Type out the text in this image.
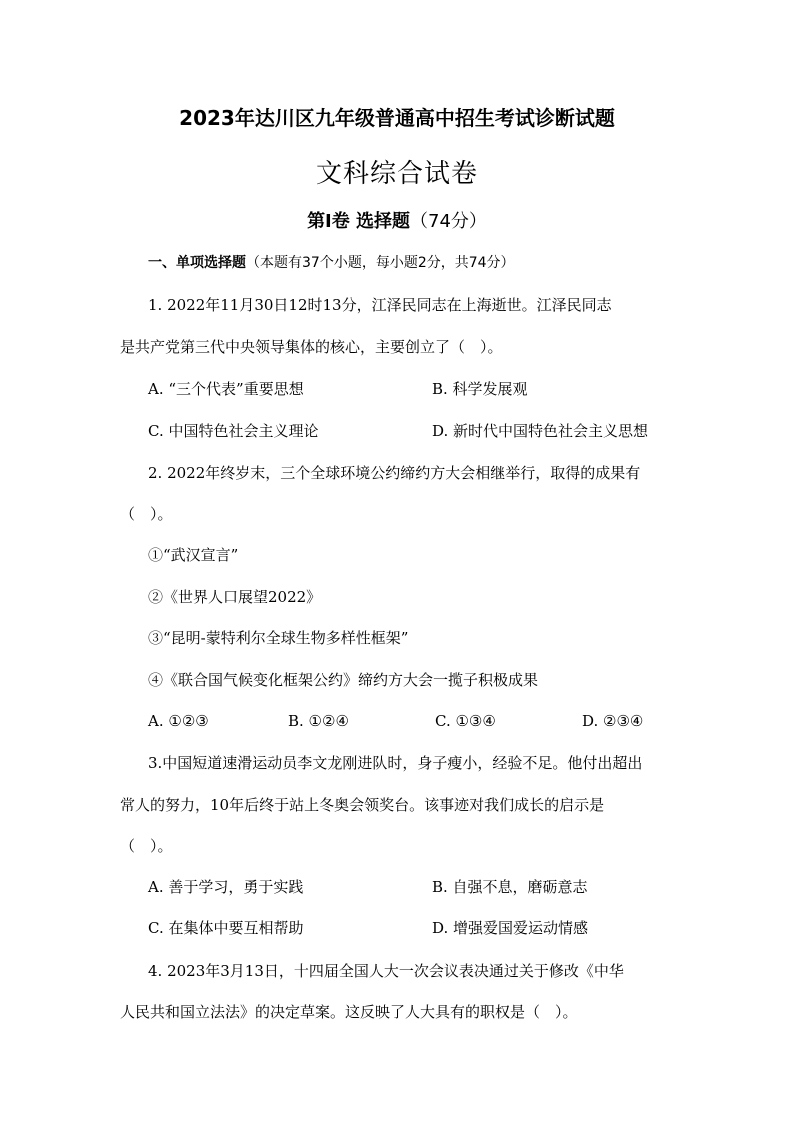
2023年达川区九年级普通高中招生考试诊断试题
文科综合试卷
第Ⅰ卷 选择题（74分）
一、单项选择题（本题有37个小题，每小题2分，共74分）
1. 2022年11月30日12时13分，江泽民同志在上海逝世。江泽民同志
是共产党第三代中央领导集体的核心，主要创立了（　）。
A. “三个代表”重要思想	B. 科学发展观
C. 中国特色社会主义理论	D. 新时代中国特色社会主义思想
2. 2022年终岁末，三个全球环境公约缔约方大会相继举行，取得的成果有
（　）。
①“武汉宣言”
②《世界人口展望2022》
③“昆明-蒙特利尔全球生物多样性框架”
④《联合国气候变化框架公约》缔约方大会一揽子积极成果
A. ①②③	B. ①②④	C. ①③④	D. ②③④
3.中国短道速滑运动员李文龙刚进队时，身子瘦小，经验不足。他付出超出
常人的努力，10年后终于站上冬奥会领奖台。该事迹对我们成长的启示是
（　）。
A. 善于学习，勇于实践	B. 自强不息，磨砺意志
C. 在集体中要互相帮助	D. 增强爱国爱运动情感
4. 2023年3月13日，十四届全国人大一次会议表决通过关于修改《中华
人民共和国立法法》的决定草案。这反映了人大具有的职权是（　）。
